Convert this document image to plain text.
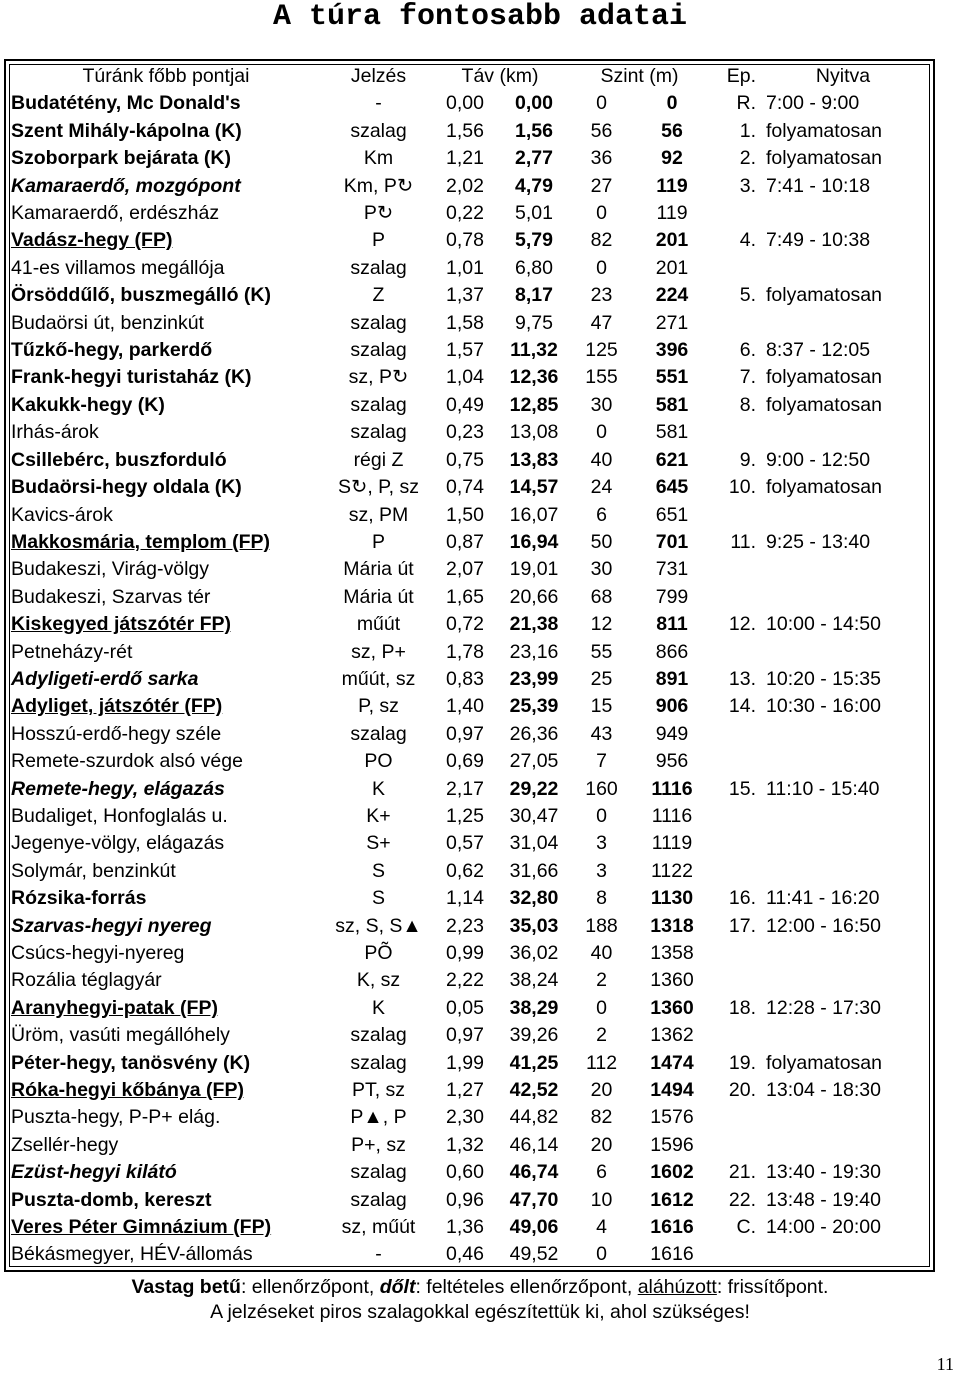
A túra fontosabb adatai
Túránk főbb pontjai	Jelzés	Táv (km)		Szint (m)		Ep.	Nyitva
Budatétény, Mc Donald's	-	0,00	0,00	0	0	R.	7:00 - 9:00
Szent Mihály-kápolna (K)	szalag	1,56	1,56	56	56	1.	folyamatosan
Szoborpark bejárata (K)	Km	1,21	2,77	36	92	2.	folyamatosan
Kamaraerdő, mozgópont	Km, P↻	2,02	4,79	27	119	3.	7:41 - 10:18
Kamaraerdő, erdészház	P↻	0,22	5,01	0	119		
Vadász-hegy (FP)	P	0,78	5,79	82	201	4.	7:49 - 10:38
41-es villamos megállója	szalag	1,01	6,80	0	201		
Örsöddűlő, buszmegálló (K)	Z	1,37	8,17	23	224	5.	folyamatosan
Budaörsi út, benzinkút	szalag	1,58	9,75	47	271		
Tűzkő-hegy, parkerdő	szalag	1,57	11,32	125	396	6.	8:37 - 12:05
Frank-hegyi turistaház (K)	sz, P↻	1,04	12,36	155	551	7.	folyamatosan
Kakukk-hegy (K)	szalag	0,49	12,85	30	581	8.	folyamatosan
Irhás-árok	szalag	0,23	13,08	0	581		
Csillebérc, buszforduló	régi Z	0,75	13,83	40	621	9.	9:00 - 12:50
Budaörsi-hegy oldala (K)	S↻, P, sz	0,74	14,57	24	645	10.	folyamatosan
Kavics-árok	sz, PM	1,50	16,07	6	651		
Makkosmária, templom (FP)	P	0,87	16,94	50	701	11.	9:25 - 13:40
Budakeszi, Virág-völgy	Mária út	2,07	19,01	30	731		
Budakeszi, Szarvas tér	Mária út	1,65	20,66	68	799		
Kiskegyed játszótér FP)	műút	0,72	21,38	12	811	12.	10:00 - 14:50
Petneházy-rét	sz, P+	1,78	23,16	55	866		
Adyligeti-erdő sarka	műút, sz	0,83	23,99	25	891	13.	10:20 - 15:35
Adyliget, játszótér (FP)	P, sz	1,40	25,39	15	906	14.	10:30 - 16:00
Hosszú-erdő-hegy széle	szalag	0,97	26,36	43	949		
Remete-szurdok alsó vége	PO	0,69	27,05	7	956		
Remete-hegy, elágazás	K	2,17	29,22	160	1116	15.	11:10 - 15:40
Budaliget, Honfoglalás u.	K+	1,25	30,47	0	1116		
Jegenye-völgy, elágazás	S+	0,57	31,04	3	1119		
Solymár, benzinkút	S	0,62	31,66	3	1122		
Rózsika-forrás	S	1,14	32,80	8	1130	16.	11:41 - 16:20
Szarvas-hegyi nyereg	sz, S, S▲	2,23	35,03	188	1318	17.	12:00 - 16:50
Csúcs-hegyi-nyereg	PÕ	0,99	36,02	40	1358		
Rozália téglagyár	K, sz	2,22	38,24	2	1360		
Aranyhegyi-patak (FP)	K	0,05	38,29	0	1360	18.	12:28 - 17:30
Üröm, vasúti megállóhely	szalag	0,97	39,26	2	1362		
Péter-hegy, tanösvény (K)	szalag	1,99	41,25	112	1474	19.	folyamatosan
Róka-hegyi kőbánya (FP)	PT, sz	1,27	42,52	20	1494	20.	13:04 - 18:30
Puszta-hegy, P-P+ elág.	P▲, P	2,30	44,82	82	1576		
Zsellér-hegy	P+, sz	1,32	46,14	20	1596		
Ezüst-hegyi kilátó	szalag	0,60	46,74	6	1602	21.	13:40 - 19:30
Puszta-domb, kereszt	szalag	0,96	47,70	10	1612	22.	13:48 - 19:40
Veres Péter Gimnázium (FP)	sz, műút	1,36	49,06	4	1616	C.	14:00 - 20:00
Békásmegyer, HÉV-állomás	-	0,46	49,52	0	1616		
Vastag betű: ellenőrzőpont, dőlt: feltételes ellenőrzőpont, aláhúzott: frissítőpont.
A jelzéseket piros szalagokkal egészítettük ki, ahol szükséges!
11
